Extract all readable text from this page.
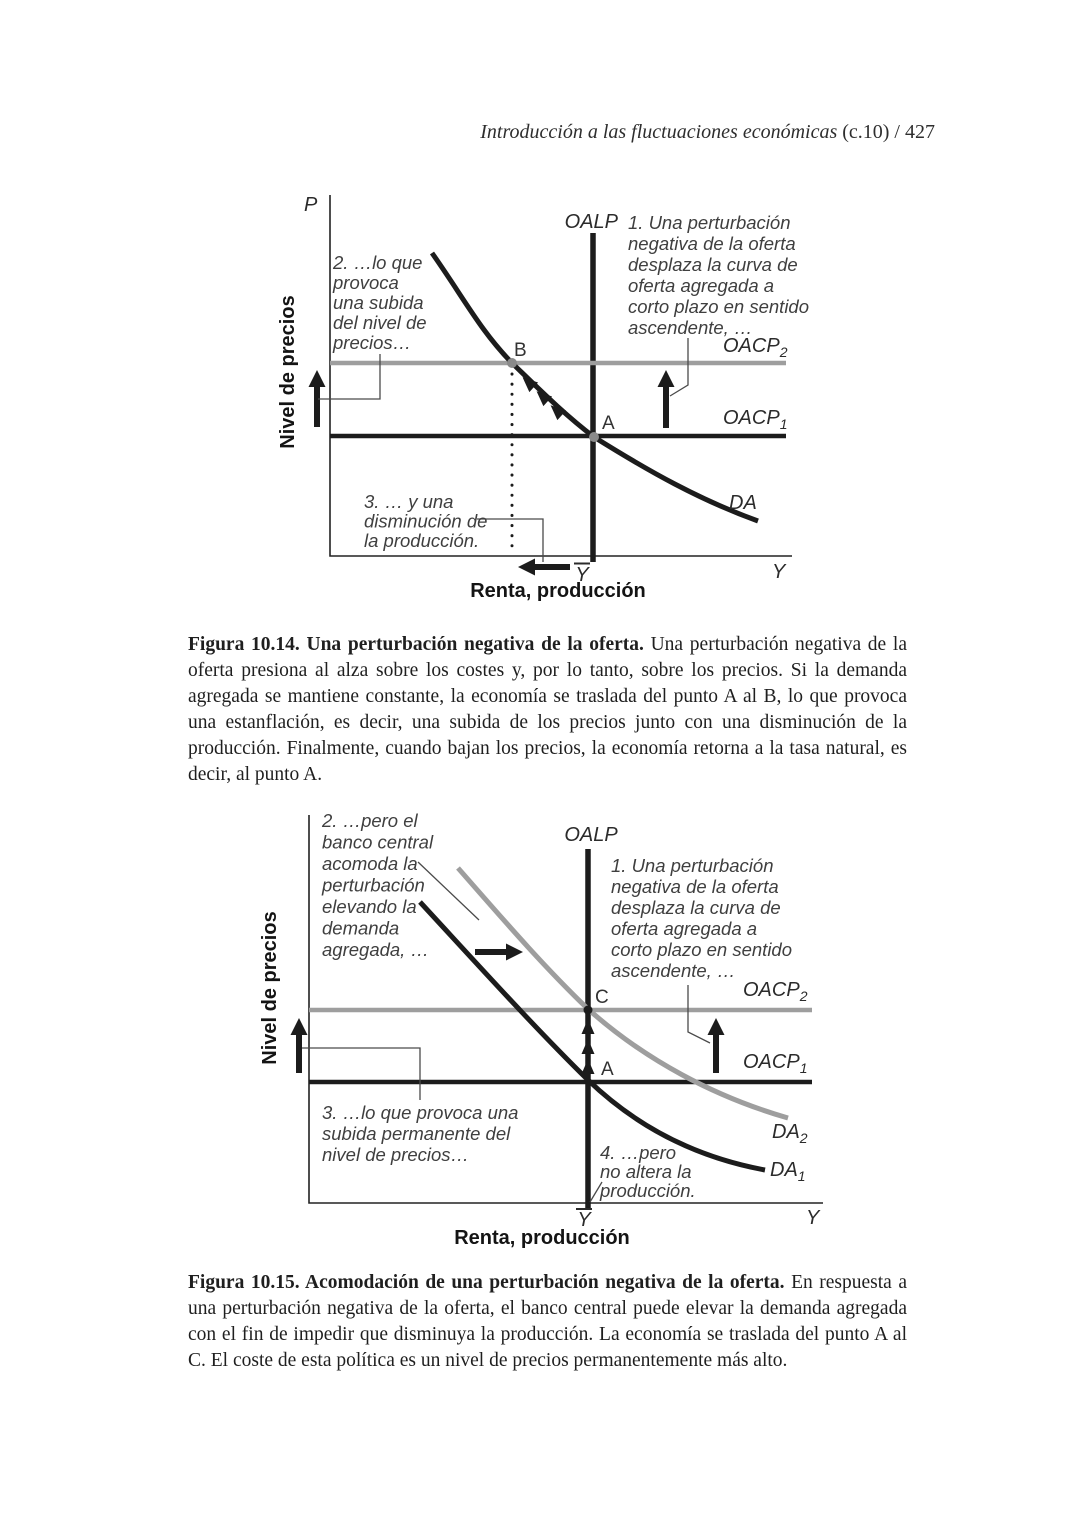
Introducción a las fluctuaciones económicas (c.10) / 427
P
OALP
$OACP_2$
$OACP_1$
DA
B
A
Y	Y
Renta, producción
Nivel de precios
1. Una perturbación
negativa de la oferta
desplaza la curva de
oferta agregada a
corto plazo en sentido
ascendente, …
2. …lo que
provoca
una subida
del nivel de
precios…
3. … y una
disminución de
la producción.
OALP
$OACP_2$
$OACP_1$
$DA_2$
$DA_1$
C
A
Y	Y
Renta, producción
Nivel de precios
1. Una perturbación
negativa de la oferta
desplaza la curva de
oferta agregada a
corto plazo en sentido
ascendente, …
2. …pero el
banco central
acomoda la
perturbación
elevando la
demanda
agregada, …
3. …lo que provoca una
subida permanente del
nivel de precios…	4. …pero
no altera la
producción.
Figura 10.14. Una perturbación negativa de la oferta. Una perturbación negativa de la oferta presiona al alza sobre los costes y, por lo tanto, sobre los precios. Si la demanda agregada se mantiene constante, la economía se traslada del punto A al B, lo que provoca una estanflación, es decir, una subida de los precios junto con una disminución de la producción. Finalmente, cuando bajan los precios, la economía retorna a la tasa natural, es decir, al punto A.
Figura 10.15. Acomodación de una perturbación negativa de la oferta. En respuesta a una perturbación negativa de la oferta, el banco central puede elevar la demanda agregada con el fin de impedir que disminuya la producción. La economía se traslada del punto A al C. El coste de esta política es un nivel de precios permanentemente más alto.
